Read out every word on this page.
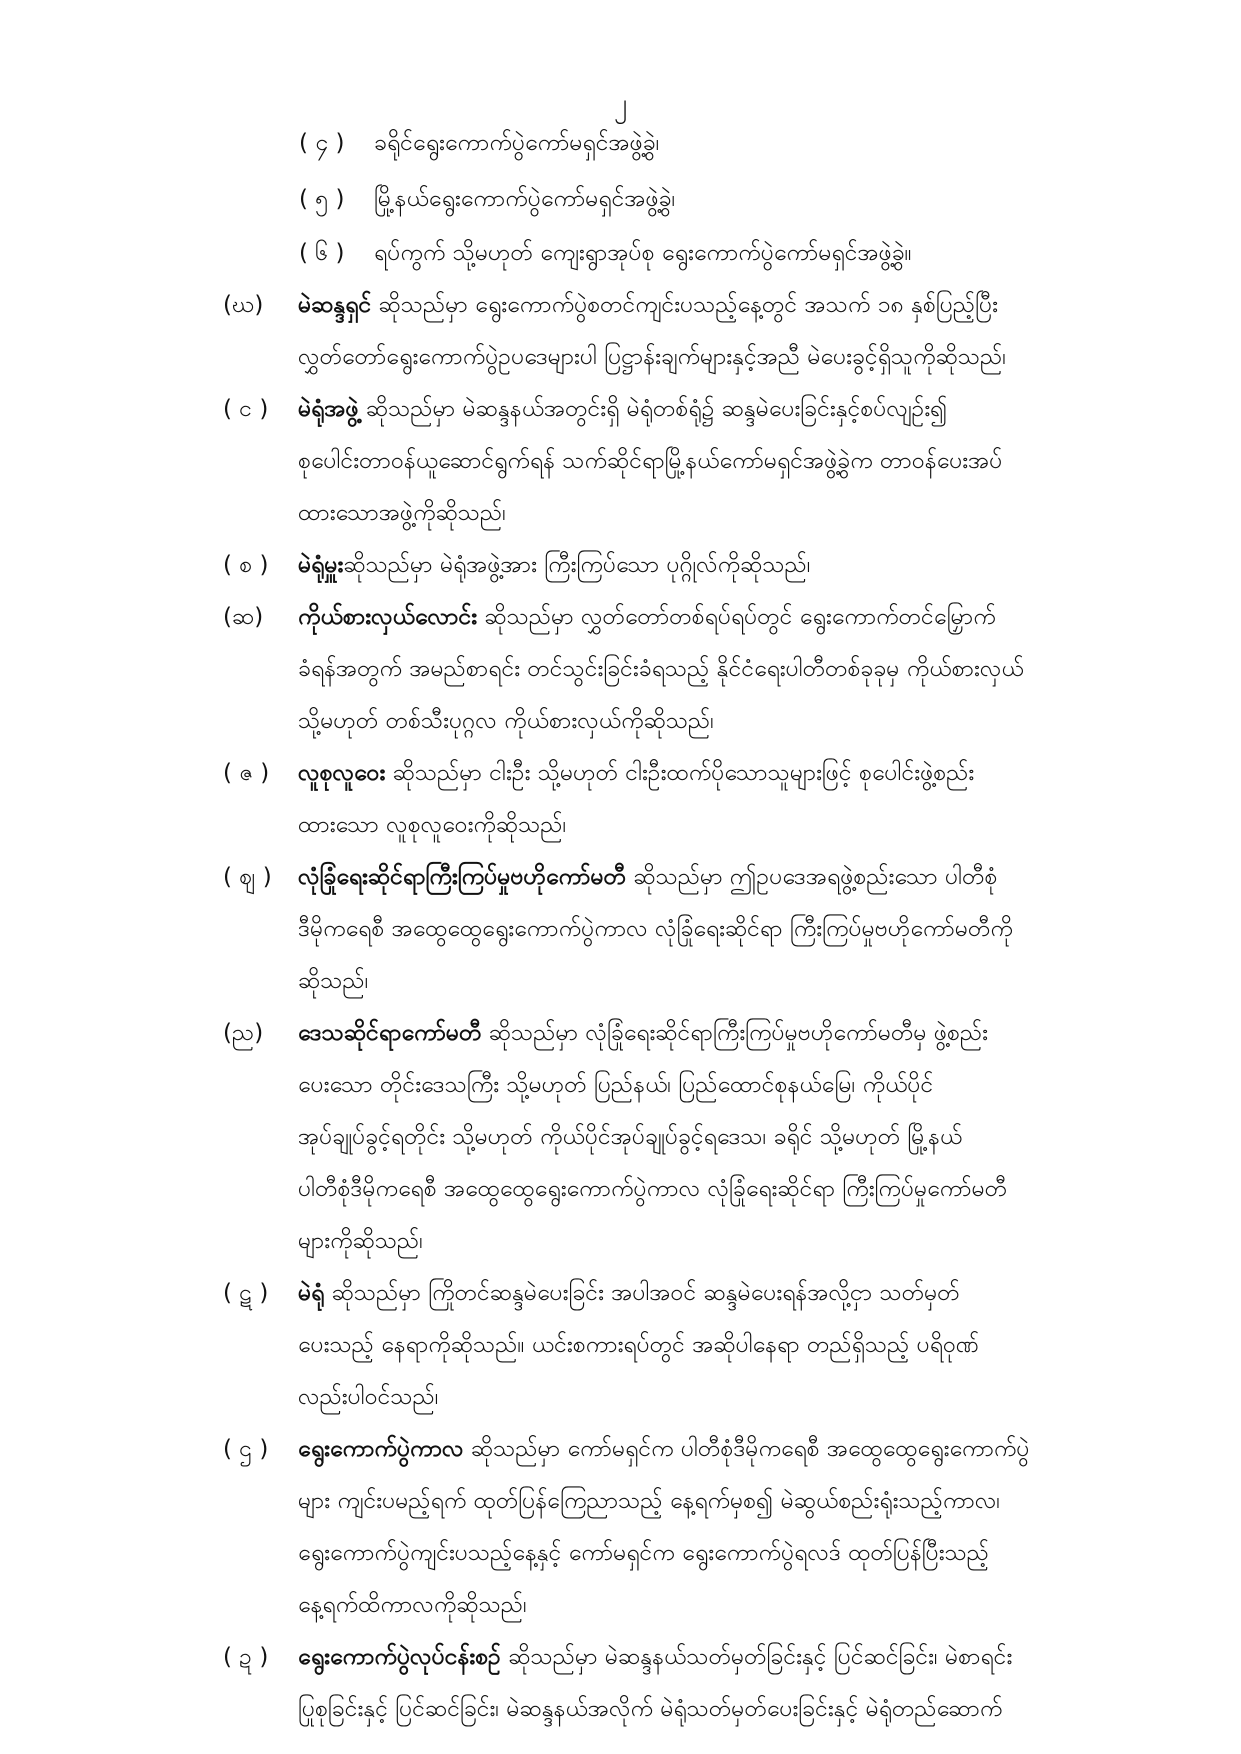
၂
( ၄ ) ခရိုင်ရွေးကောက်ပွဲကော်မရှင်အဖွဲ့ခွဲ၊
( ၅ ) မြို့နယ်ရွေးကောက်ပွဲကော်မရှင်အဖွဲ့ခွဲ၊
( ၆ ) ရပ်ကွက် သို့မဟုတ် ကျေးရွာအုပ်စု ရွေးကောက်ပွဲကော်မရှင်အဖွဲ့ခွဲ။
(ဃ) မဲဆန္ဒရှင် ဆိုသည်မှာ ရွေးကောက်ပွဲစတင်ကျင်းပသည့်နေ့တွင် အသက် ၁၈ နှစ်ပြည့်ပြီး
လွှတ်တော်ရွေးကောက်ပွဲဥပဒေများပါ ပြဋ္ဌာန်းချက်များနှင့်အညီ မဲပေးခွင့်ရှိသူကိုဆိုသည်၊
( င ) မဲရုံအဖွဲ့ ဆိုသည်မှာ မဲဆန္ဒနယ်အတွင်းရှိ မဲရုံတစ်ရုံ၌ ဆန္ဒမဲပေးခြင်းနှင့်စပ်လျဉ်း၍
စုပေါင်းတာဝန်ယူဆောင်ရွက်ရန် သက်ဆိုင်ရာမြို့နယ်ကော်မရှင်အဖွဲ့ခွဲက တာဝန်ပေးအပ်
ထားသောအဖွဲ့ကိုဆိုသည်၊
( စ ) မဲရုံမှူးဆိုသည်မှာ မဲရုံအဖွဲ့အား ကြီးကြပ်သော ပုဂ္ဂိုလ်ကိုဆိုသည်၊
(ဆ) ကိုယ်စားလှယ်လောင်း ဆိုသည်မှာ လွှတ်တော်တစ်ရပ်ရပ်တွင် ရွေးကောက်တင်မြှောက်
ခံရန်အတွက် အမည်စာရင်း တင်သွင်းခြင်းခံရသည့် နိုင်ငံရေးပါတီတစ်ခုခုမှ ကိုယ်စားလှယ်
သို့မဟုတ် တစ်သီးပုဂ္ဂလ ကိုယ်စားလှယ်ကိုဆိုသည်၊
( ဇ ) လူစုလူဝေး ဆိုသည်မှာ ငါးဦး သို့မဟုတ် ငါးဦးထက်ပိုသောသူများဖြင့် စုပေါင်းဖွဲ့စည်း
ထားသော လူစုလူဝေးကိုဆိုသည်၊
( ဈ ) လုံခြုံရေးဆိုင်ရာကြီးကြပ်မှုဗဟိုကော်မတီ ဆိုသည်မှာ ဤဥပဒေအရဖွဲ့စည်းသော ပါတီစုံ
ဒီမိုကရေစီ အထွေထွေရွေးကောက်ပွဲကာလ လုံခြုံရေးဆိုင်ရာ ကြီးကြပ်မှုဗဟိုကော်မတီကို
ဆိုသည်၊
(ည) ဒေသဆိုင်ရာကော်မတီ ဆိုသည်မှာ လုံခြုံရေးဆိုင်ရာကြီးကြပ်မှုဗဟိုကော်မတီမှ ဖွဲ့စည်း
ပေးသော တိုင်းဒေသကြီး သို့မဟုတ် ပြည်နယ်၊ ပြည်ထောင်စုနယ်မြေ၊ ကိုယ်ပိုင်
အုပ်ချုပ်ခွင့်ရတိုင်း သို့မဟုတ် ကိုယ်ပိုင်အုပ်ချုပ်ခွင့်ရဒေသ၊ ခရိုင် သို့မဟုတ် မြို့နယ်
ပါတီစုံဒီမိုကရေစီ အထွေထွေရွေးကောက်ပွဲကာလ လုံခြုံရေးဆိုင်ရာ ကြီးကြပ်မှုကော်မတီ
များကိုဆိုသည်၊
( ဋ ) မဲရုံ ဆိုသည်မှာ ကြိုတင်ဆန္ဒမဲပေးခြင်း အပါအဝင် ဆန္ဒမဲပေးရန်အလို့ငှာ သတ်မှတ်
ပေးသည့် နေရာကိုဆိုသည်။ ယင်းစကားရပ်တွင် အဆိုပါနေရာ တည်ရှိသည့် ပရိဝုဏ်
လည်းပါဝင်သည်၊
( ဌ ) ရွေးကောက်ပွဲကာလ ဆိုသည်မှာ ကော်မရှင်က ပါတီစုံဒီမိုကရေစီ အထွေထွေရွေးကောက်ပွဲ
များ ကျင်းပမည့်ရက် ထုတ်ပြန်ကြေညာသည့် နေ့ရက်မှစ၍ မဲဆွယ်စည်းရုံးသည့်ကာလ၊
ရွေးကောက်ပွဲကျင်းပသည့်နေ့နှင့် ကော်မရှင်က ရွေးကောက်ပွဲရလဒ် ထုတ်ပြန်ပြီးသည့်
နေ့ရက်ထိကာလကိုဆိုသည်၊
( ဍ ) ရွေးကောက်ပွဲလုပ်ငန်းစဉ် ဆိုသည်မှာ မဲဆန္ဒနယ်သတ်မှတ်ခြင်းနှင့် ပြင်ဆင်ခြင်း၊ မဲစာရင်း
ပြုစုခြင်းနှင့် ပြင်ဆင်ခြင်း၊ မဲဆန္ဒနယ်အလိုက် မဲရုံသတ်မှတ်ပေးခြင်းနှင့် မဲရုံတည်ဆောက်
